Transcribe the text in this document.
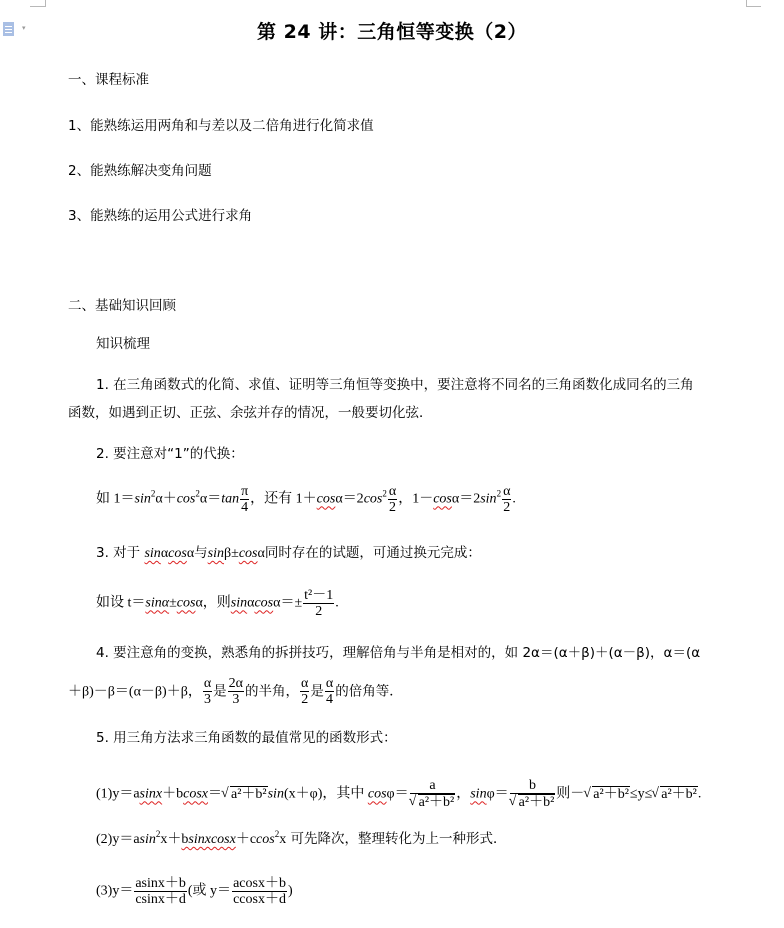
▾	第 24 讲：三角恒等变换（2）
一、课程标准
1、能熟练运用两角和与差以及二倍角进行化简求值
2、能熟练解决变角问题
3、能熟练的运用公式进行求角
二、基础知识回顾
知识梳理
1. 在三角函数式的化简、求值、证明等三角恒等变换中，要注意将不同名的三角函数化成同名的三角
函数，如遇到正切、正弦、余弦并存的情况，一般要切化弦．
2. 要注意对“1”的代换：
如 $1=\sin^2\alpha+\cos^2\alpha=\tan \frac{\pi}{4}$ ，还有 $1+\cos\alpha=2\cos^2 \frac{\alpha}{2}$ ，$1-\cos\alpha=2\sin^2 \frac{\alpha}{2}$ .
3. 对于 sinαcosα与sinβ±cosα同时存在的试题，可通过换元完成：
如设 t＝sinα±cosα，则$\sin\alpha\cos\alpha=\pm \frac{\text{t²－1}}{2}$ .
4. 要注意角的变换，熟悉角的拆拼技巧，理解倍角与半角是相对的，如 2α＝(α＋β)＋(α－β)，α＝(α
＋β)－β＝(α－β)＋β， $\frac{\alpha}{3}$ 是 $\frac{2\alpha}{3}$ 的半角， $\frac{\alpha}{2}$ 是 $\frac{\alpha}{4}$ 的倍角等．
5. 用三角方法求三角函数的最值常见的函数形式：
(1)y＝asinx＋bcosx＝ √ a²＋b²sin(x＋φ)，其中 cosφ＝ a
√ a²＋b² ，sinφ＝ b
√ a²＋b² 则－ √ a²＋b²≤y≤ √ a²＋b².
(2)y＝asin$^2$x＋bsinxcosx＋ccos$^2$x 可先降次，整理转化为上一种形式．
$(3)y= \frac{asinx+b}{csinx+d}$ (或 $y= \frac{acosx+b}{ccosx+d}$ )
